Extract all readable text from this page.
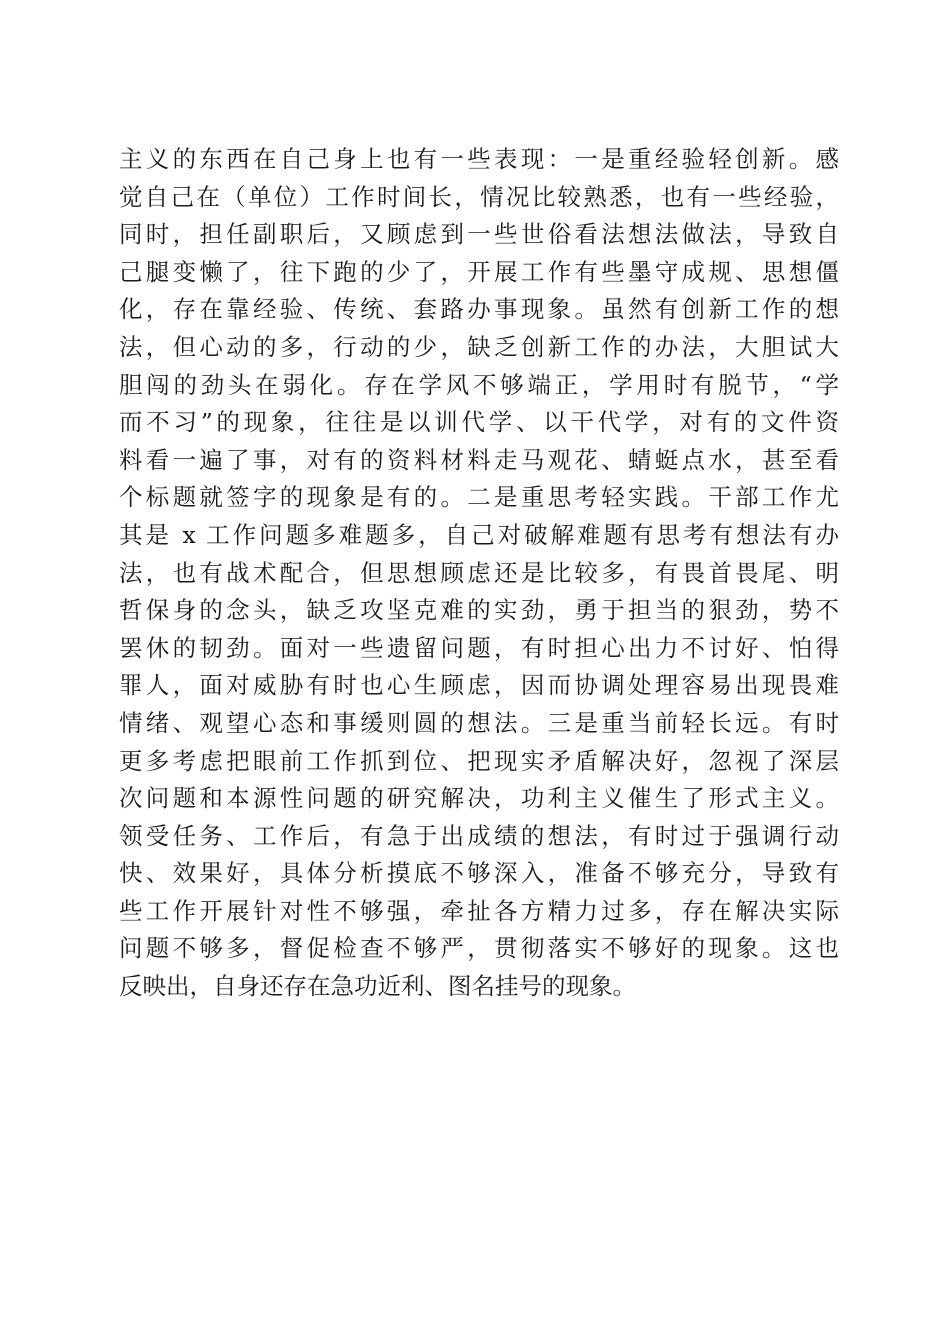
主义的东西在自己身上也有一些表现：一是重经验轻创新。感
觉自己在（单位）工作时间长，情况比较熟悉，也有一些经验，
同时，担任副职后，又顾虑到一些世俗看法想法做法，导致自
己腿变懒了，往下跑的少了，开展工作有些墨守成规、思想僵
化，存在靠经验、传统、套路办事现象。虽然有创新工作的想
法，但心动的多，行动的少，缺乏创新工作的办法，大胆试大
胆闯的劲头在弱化。存在学风不够端正，学用时有脱节，“学
而不习”的现象，往往是以训代学、以干代学，对有的文件资
料看一遍了事，对有的资料材料走马观花、蜻蜓点水，甚至看
个标题就签字的现象是有的。二是重思考轻实践。干部工作尤
其是 x 工作问题多难题多，自己对破解难题有思考有想法有办
法，也有战术配合，但思想顾虑还是比较多，有畏首畏尾、明
哲保身的念头，缺乏攻坚克难的实劲，勇于担当的狠劲，势不
罢休的韧劲。面对一些遗留问题，有时担心出力不讨好、怕得
罪人，面对威胁有时也心生顾虑，因而协调处理容易出现畏难
情绪、观望心态和事缓则圆的想法。三是重当前轻长远。有时
更多考虑把眼前工作抓到位、把现实矛盾解决好，忽视了深层
次问题和本源性问题的研究解决，功利主义催生了形式主义。
领受任务、工作后，有急于出成绩的想法，有时过于强调行动
快、效果好，具体分析摸底不够深入，准备不够充分，导致有
些工作开展针对性不够强，牵扯各方精力过多，存在解决实际
问题不够多，督促检查不够严，贯彻落实不够好的现象。这也
反映出，自身还存在急功近利、图名挂号的现象。
